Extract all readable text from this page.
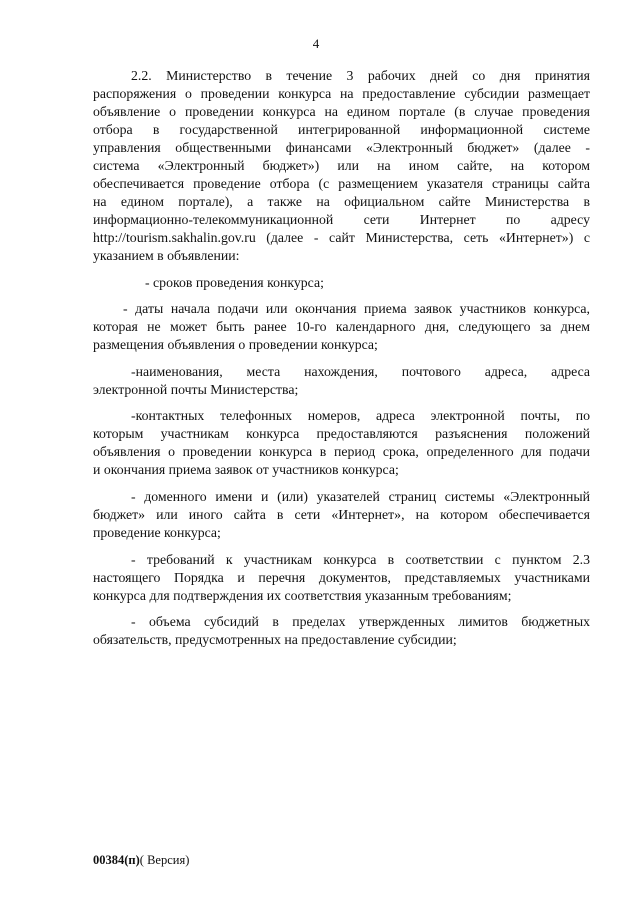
4
2.2. Министерство в течение 3 рабочих дней со дня принятия
распоряжения о проведении конкурса на предоставление субсидии размещает
объявление о проведении конкурса на едином портале (в случае проведения
отбора в государственной интегрированной информационной системе
управления общественными финансами «Электронный бюджет» (далее -
система «Электронный бюджет») или на ином сайте, на котором
обеспечивается проведение отбора (с размещением указателя страницы сайта
на едином портале), а также на официальном сайте Министерства в
информационно-телекоммуникационной сети Интернет по адресу
http://tourism.sakhalin.gov.ru (далее - сайт Министерства, сеть «Интернет») с
указанием в объявлении:
- сроков проведения конкурса;
- даты начала подачи или окончания приема заявок участников конкурса,
которая не может быть ранее 10-го календарного дня, следующего за днем
размещения объявления о проведении конкурса;
-наименования, места нахождения, почтового адреса, адреса
электронной почты Министерства;
-контактных телефонных номеров, адреса электронной почты, по
которым участникам конкурса предоставляются разъяснения положений
объявления о проведении конкурса в период срока, определенного для подачи
и окончания приема заявок от участников конкурса;
- доменного имени и (или) указателей страниц системы «Электронный
бюджет» или иного сайта в сети «Интернет», на котором обеспечивается
проведение конкурса;
- требований к участникам конкурса в соответствии с пунктом 2.3
настоящего Порядка и перечня документов, представляемых участниками
конкурса для подтверждения их соответствия указанным требованиям;
- объема субсидий в пределах утвержденных лимитов бюджетных
обязательств, предусмотренных на предоставление субсидии;
00384(п)( Версия)
